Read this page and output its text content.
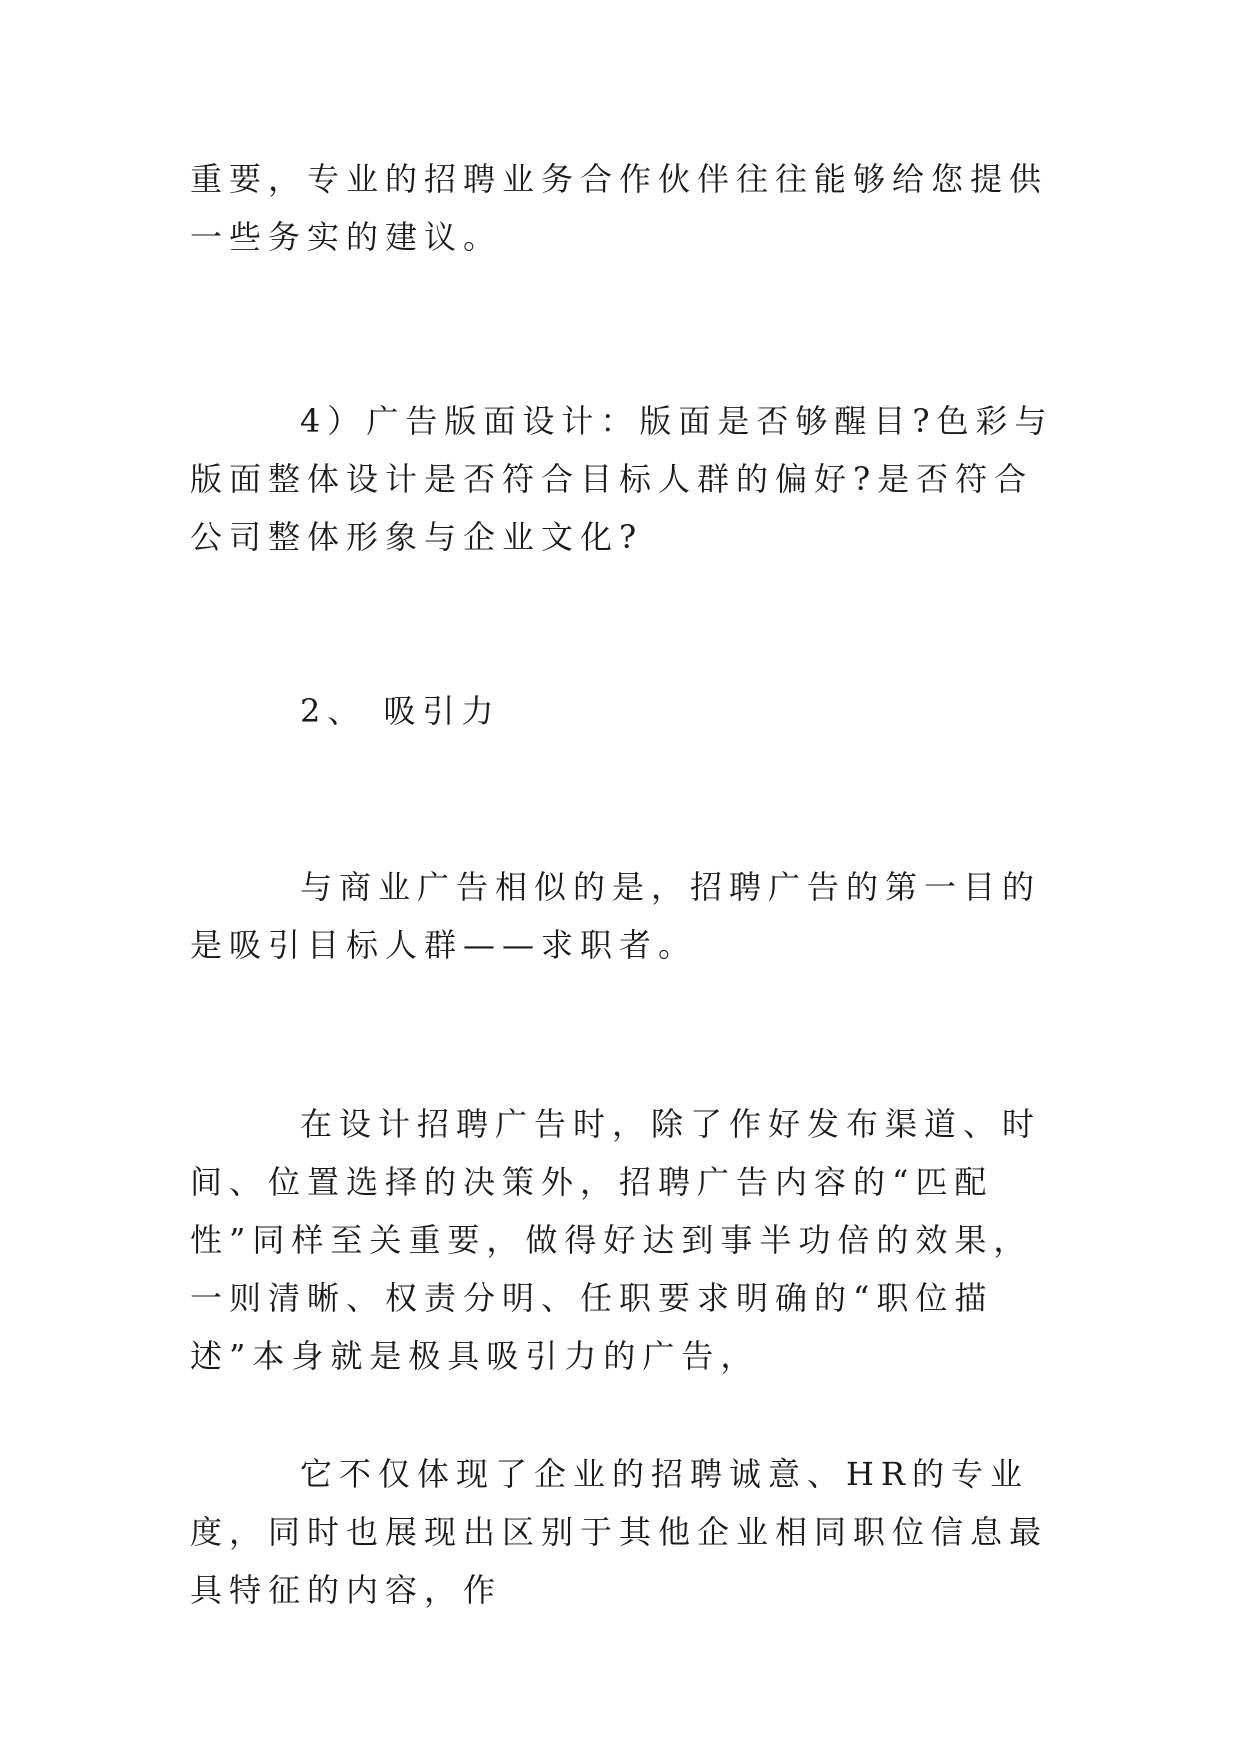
重要，专业的招聘业务合作伙伴往往能够给您提供一些务实的建议。

4）广告版面设计：版面是否够醒目?色彩与版面整体设计是否符合目标人群的偏好?是否符合公司整体形象与企业文化?

2、 吸引力

与商业广告相似的是，招聘广告的第一目的是吸引目标人群——求职者。

在设计招聘广告时，除了作好发布渠道、时间、位置选择的决策外，招聘广告内容的“匹配性”同样至关重要，做得好达到事半功倍的效果，一则清晰、权责分明、任职要求明确的“职位描述”本身就是极具吸引力的广告，

它不仅体现了企业的招聘诚意、HR的专业度，同时也展现出区别于其他企业相同职位信息最具特征的内容，作
